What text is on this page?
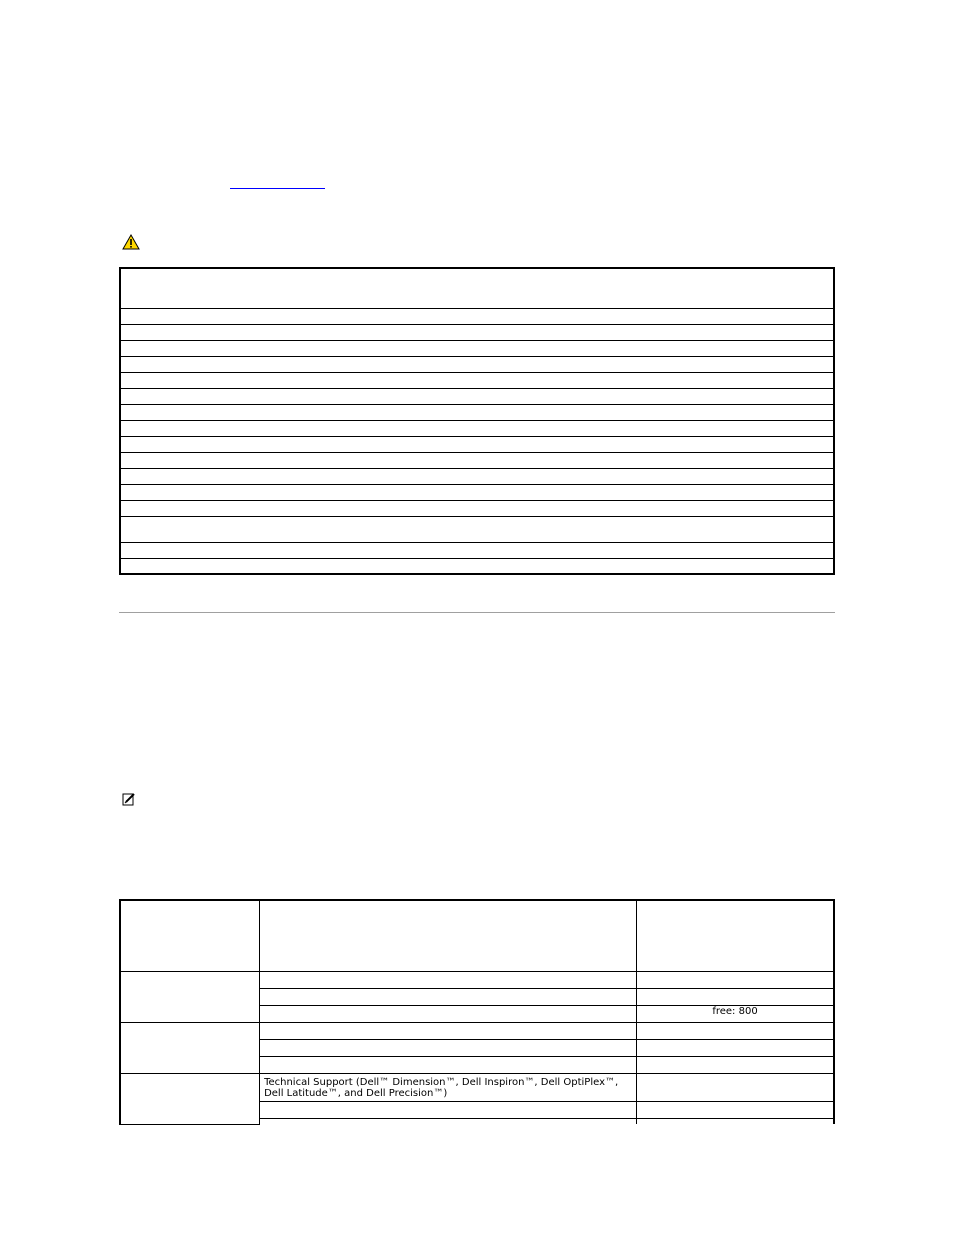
		free: 800

	Technical Support (Dell™ Dimension™, Dell Inspiron™, Dell OptiPlex™, Dell Latitude™, and Dell Precision™)	
